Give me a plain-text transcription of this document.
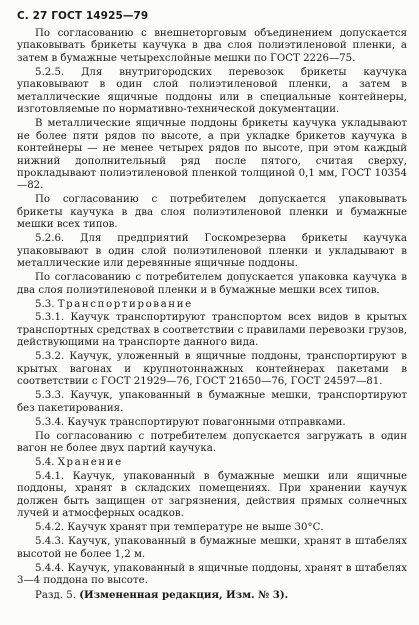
С. 27 ГОСТ 14925—79

По согласованию с внешнеторговым объединением допускается упаковывать брикеты каучука в два слоя полиэтиленовой пленки, а затем в бумажные четырехслойные мешки по ГОСТ 2226—75.

5.2.5. Для внутригородских перевозок брикеты каучука упаковывают в один слой полиэтиленовой пленки, а затем в металлические ящичные поддоны или в специальные контейнеры, изготовляемые по нормативно-технической документации.

В металлические ящичные поддоны брикеты каучука укладывают не более пяти рядов по высоте, а при укладке брикетов каучука в контейнеры — не менее четырех рядов по высоте, при этом каждый нижний дополнительный ряд после пятого, считая сверху, прокладывают полиэтиленовой пленкой толщиной 0,1 мм, ГОСТ 10354—82.

По согласованию с потребителем допускается упаковывать брикеты каучука в два слоя полиэтиленовой пленки и бумажные мешки всех типов.

5.2.6. Для предприятий Госкомрезерва брикеты каучука упаковывают в один слой полиэтиленовой пленки и укладывают в металлические или деревянные ящичные поддоны.

По согласованию с потребителем допускается упаковка каучука в два слоя полиэтиленовой пленки и в бумажные мешки всех типов.

5.3. Транспортирование

5.3.1. Каучук транспортируют транспортом всех видов в крытых транспортных средствах в соответствии с правилами перевозки грузов, действующими на транспорте данного вида.

5.3.2. Каучук, уложенный в ящичные поддоны, транспортируют в крытых вагонах и крупнотоннажных контейнерах пакетами в соответствии с ГОСТ 21929—76, ГОСТ 21650—76, ГОСТ 24597—81.

5.3.3. Каучук, упакованный в бумажные мешки, транспортируют без пакетирования.

5.3.4. Каучук транспортируют повагонными отправками.

По согласованию с потребителем допускается загружать в один вагон не более двух партий каучука.

5.4. Хранение

5.4.1. Каучук, упакованный в бумажные мешки или ящичные поддоны, хранят в складских помещениях. При хранении каучук должен быть защищен от загрязнения, действия прямых солнечных лучей и атмосферных осадков.

5.4.2. Каучук хранят при температуре не выше 30°С.

5.4.3. Каучук, упакованный в бумажные мешки, хранят в штабелях высотой не более 1,2 м.

5.4.4. Каучук, упакованный в ящичные поддоны, хранят в штабелях 3—4 поддона по высоте.

Разд. 5. (Измененная редакция, Изм. № 3).
